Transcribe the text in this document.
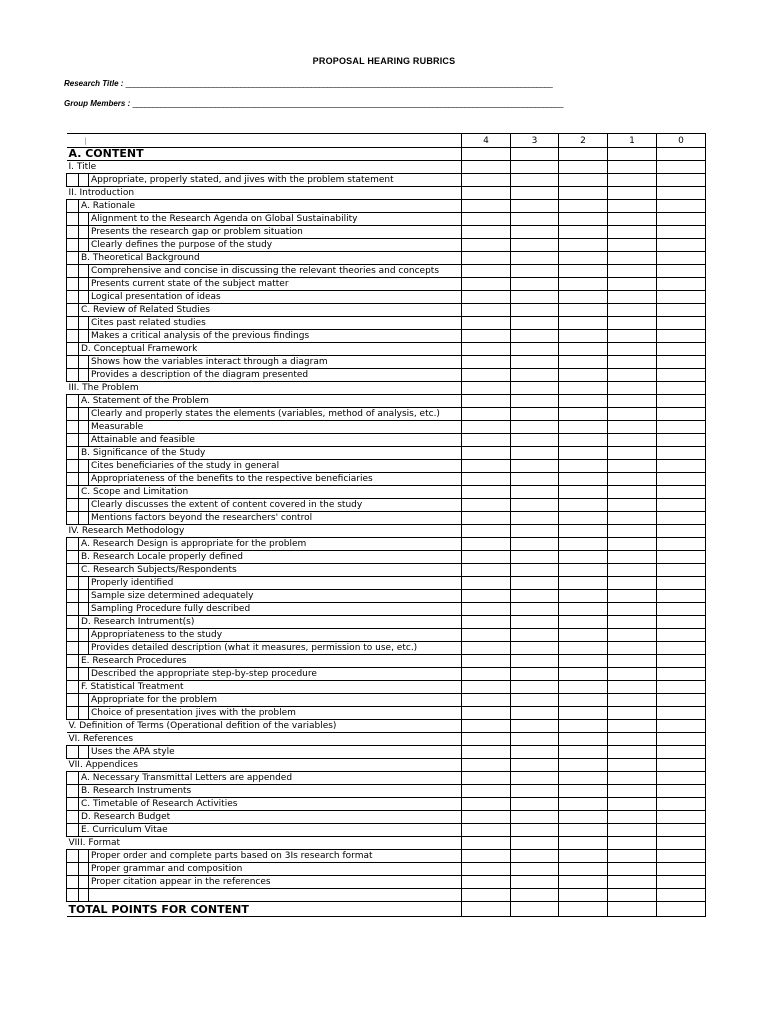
PROPOSAL HEARING RUBRICS
Research Title : ____________________________________________________________________________________________________________
Group Members : _____________________________________________________________________________________________________________
|			4	3	2	1	0
A. CONTENT							
I. Title							
		Appropriate, properly stated, and jives with the problem statement					
II. Introduction							
	A. Rationale						
		Alignment to the Research Agenda on Global Sustainability					
		Presents the research gap or problem situation					
		Clearly defines the purpose of the study					
	B. Theoretical Background						
		Comprehensive and concise in discussing the relevant theories and concepts					
		Presents current state of the subject matter					
		Logical presentation of ideas					
	C. Review of Related Studies						
		Cites past related studies					
		Makes a critical analysis of the previous findings					
	D. Conceptual Framework						
		Shows how the variables interact through a diagram					
		Provides a description of the diagram presented					
III. The Problem							
	A. Statement of the Problem						
		Clearly and properly states the elements (variables, method of analysis, etc.)					
		Measurable					
		Attainable and feasible					
	B. Significance of the Study						
		Cites beneficiaries of the study in general					
		Appropriateness of the benefits to the respective beneficiaries					
	C. Scope and Limitation						
		Clearly discusses the extent of content covered in the study					
		Mentions factors beyond the researchers' control					
IV. Research Methodology							
	A. Research Design is appropriate for the problem						
	B. Research Locale properly defined						
	C. Research Subjects/Respondents						
		Properly identified					
		Sample size determined adequately					
		Sampling Procedure fully described					
	D. Research Intrument(s)						
		Appropriateness to the study					
		Provides detailed description (what it measures, permission to use, etc.)					
	E. Research Procedures						
		Described the appropriate step-by-step procedure					
	F. Statistical Treatment						
		Appropriate for the problem					
		Choice of presentation jives with the problem					
V. Definition of Terms (Operational defition of the variables)							
VI. References							
		Uses the APA style					
VII. Appendices							
	A. Necessary Transmittal Letters are appended						
	B. Research Instruments						
	C. Timetable of Research Activities						
	D. Research Budget						
	E. Curriculum Vitae						
VIII. Format							
		Proper order and complete parts based on 3Is research format					
		Proper grammar and composition					
		Proper citation appear in the references					

TOTAL POINTS FOR CONTENT							
